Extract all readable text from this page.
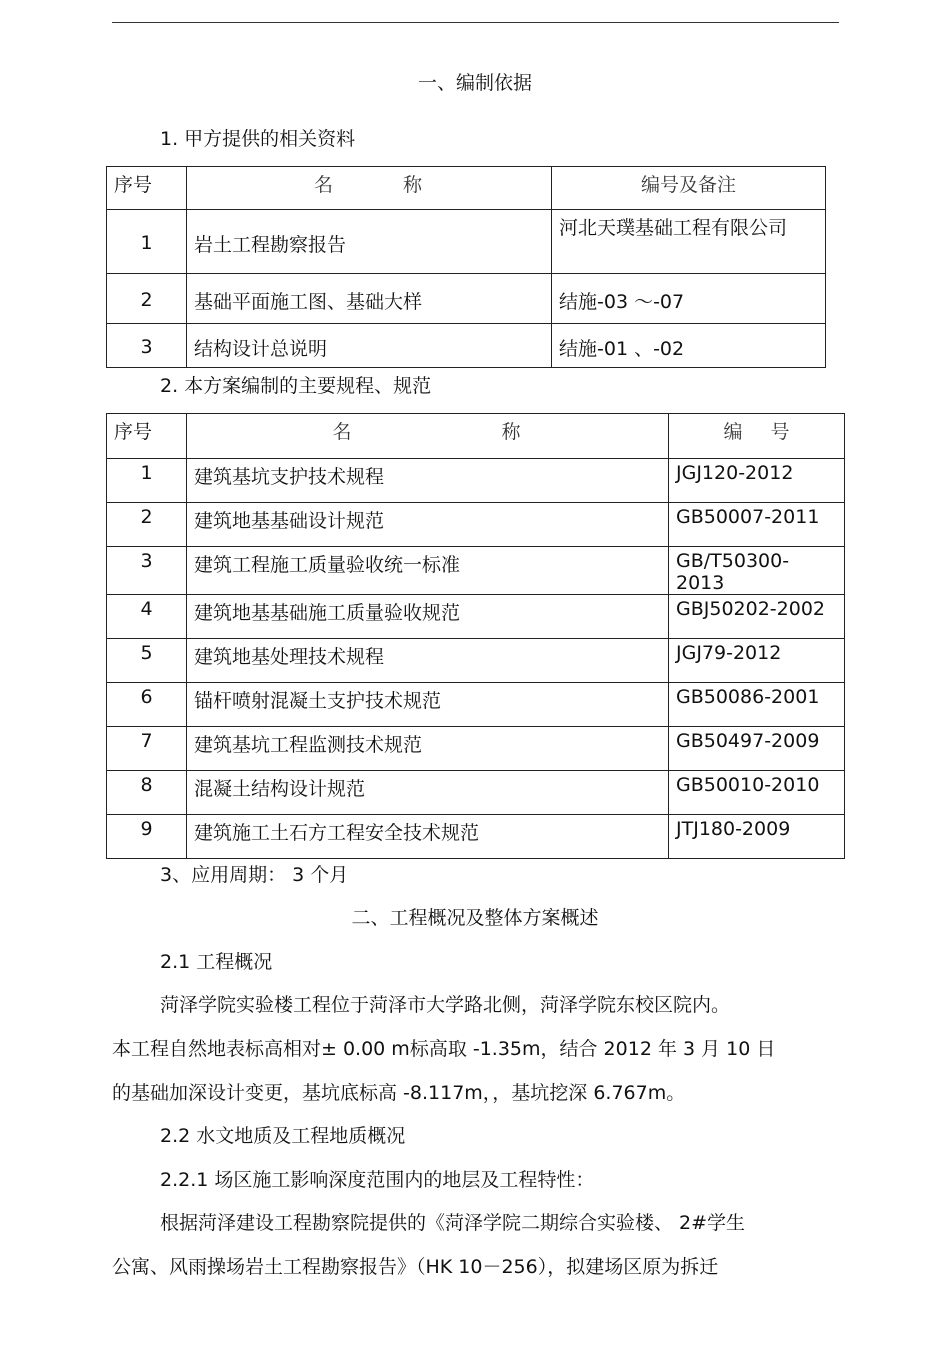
一、编制依据
1. 甲方提供的相关资料
序号	名 称	编号及备注
1	岩土工程勘察报告	河北天璞基础工程有限公司
2	基础平面施工图、基础大样	结施-03 ～-07
3	结构设计总说明	结施-01 、-02
2. 本方案编制的主要规程、规范
序号	名 称	编 号

1	建筑基坑支护技术规程	JGJ120-2012
2	建筑地基基础设计规范	GB50007-2011
3	建筑工程施工质量验收统一标准	GB/T50300-2013
4	建筑地基基础施工质量验收规范	GBJ50202-2002
5	建筑地基处理技术规程	JGJ79-2012
6	锚杆喷射混凝土支护技术规范	GB50086-2001
7	建筑基坑工程监测技术规范	GB50497-2009
8	混凝土结构设计规范	GB50010-2010
9	建筑施工土石方工程安全技术规范	JTJ180-2009
3、应用周期： 3 个月
二、工程概况及整体方案概述
2.1 工程概况
菏泽学院实验楼工程位于菏泽市大学路北侧，菏泽学院东校区院内。
本工程自然地表标高相对± 0.00 m标高取 -1.35m，结合 2012 年 3 月 10 日
的基础加深设计变更，基坑底标高 -8.117m，，基坑挖深 6.767m。
2.2 水文地质及工程地质概况
2.2.1 场区施工影响深度范围内的地层及工程特性：
根据菏泽建设工程勘察院提供的《菏泽学院二期综合实验楼、 2#学生
公寓、风雨操场岩土工程勘察报告》（HK 10－256），拟建场区原为拆迁
